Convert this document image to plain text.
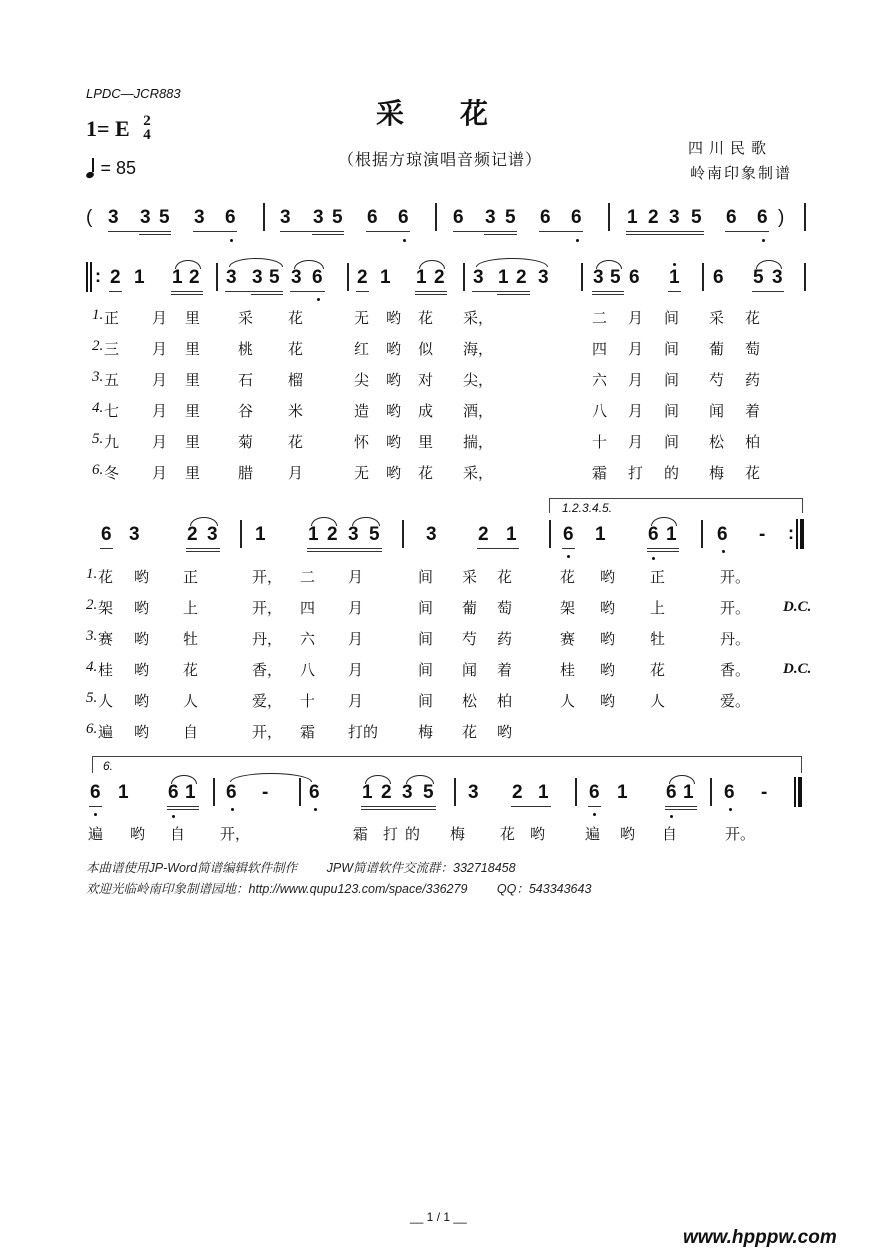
LPDC—JCR883
1= E 2
4
= 85
采花
（根据方琼演唱音频记谱）
四川民歌
岭南印象制谱
( 3 3 5 3 6 3 3 5 6 6 6 3 5 6 6 1 2 3 5 6 6 )
: 2 1 1 2 3 3 5 3 6 2 1 1 2 3 1 2 3 3 5 6 1 6 5 3
1. 正 月 里	采 花	无 哟 花 采，	二 月 间 采 花
2. 三 月 里	桃 花	红 哟 似 海，	四 月 间 葡 萄
3. 五 月 里	石 榴	尖 哟 对 尖，	六 月 间 芍 药
4. 七 月 里	谷 米	造 哟 成 酒，	八 月 间 闻 着
5. 九 月 里	菊 花	怀 哟 里 揣，	十 月 间 松 柏
6. 冬 月 里	腊 月	无 哟 花 采，	霜 打 的 梅 花
1.2.3.4.5.
6 3 2 3 1 1 2 3 5 3 2 1 6 1 6 1 6 - :
1. 花 哟 正	开， 二 月	间 采 花	花 哟 正	开。
2. 架 哟 上	开， 四 月	间 葡 萄	架 哟 上	开。 D.C.
3. 赛 哟 牡	丹， 六 月	间 芍 药	赛 哟 牡	丹。
4. 桂 哟 花	香， 八 月	间 闻 着	桂 哟 花	香。 D.C.
5. 人 哟 人	爱， 十 月	间 松 柏	人 哟 人	爱。
6. 遍 哟 自	开， 霜 打的	梅 花 哟
6.
6 1 6 1 6 - 6 1 2 3 5 3 2 1 6 1 6 1 6 -
遍 哟 自 开，	霜 打 的 梅 花 哟	遍 哟 自	开。
本曲谱使用JP-Word简谱编辑软件制作 JPW简谱软件交流群：332718458
欢迎光临岭南印象制谱园地：http://www.qupu123.com/space/336279 QQ：543343643
__ 1 / 1 __
www.hpppw.com
